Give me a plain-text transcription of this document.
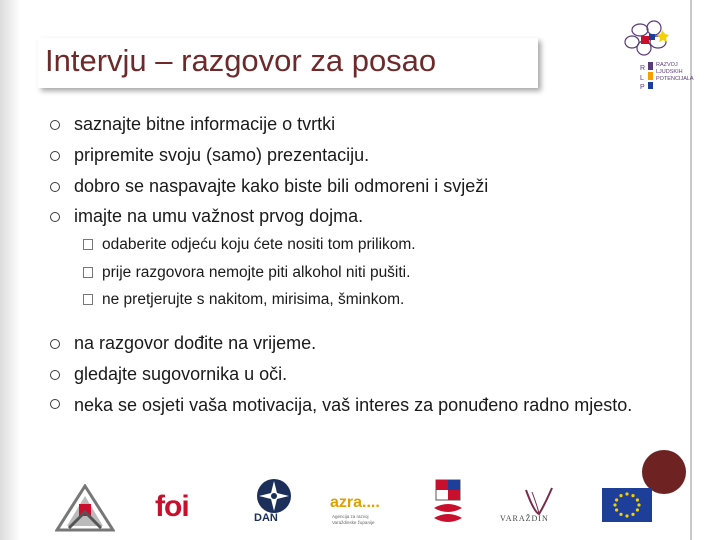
Intervju – razgovor za posao	R
L
P
RAZVOJ LJUDSKIH POTENCIJALA
saznajte bitne informacije o tvrtki
pripremite svoju (samo) prezentaciju.
dobro se naspavajte kako biste bili odmoreni i svježi
imajte na umu važnost prvog dojma.
odaberite odjeću koju ćete nositi tom prilikom.
prije razgovora nemojte piti alkohol niti pušiti.
ne pretjerujte s nakitom, mirisima, šminkom.
na razgovor dođite na vrijeme.
gledajte sugovornika u oči.
neka se osjeti vaša motivacija, vaš interes za ponuđeno radno mjesto.
foi	DAN
azra....
Agencija za razvoj Varaždinske županije	VARAŽDIN
